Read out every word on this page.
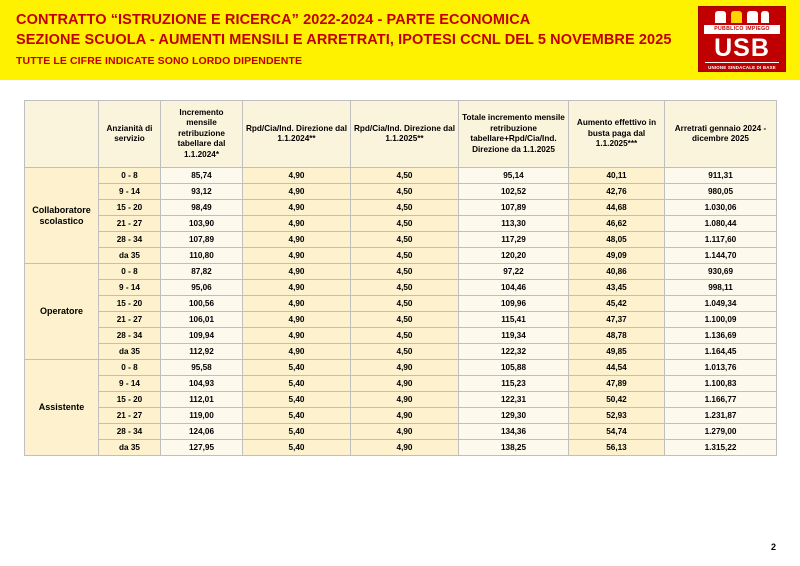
CONTRATTO “ISTRUZIONE E RICERCA” 2022-2024 - PARTE ECONOMICA
SEZIONE SCUOLA - AUMENTI MENSILI E ARRETRATI, IPOTESI CCNL DEL 5 NOVEMBRE 2025
TUTTE LE CIFRE INDICATE SONO LORDO DIPENDENTE
PUBBLICO IMPIEGO
USB
UNIONE SINDACALE DI BASE
	Anzianità di servizio	Incremento mensile retribuzione tabellare dal 1.1.2024*	Rpd/Cia/Ind. Direzione dal 1.1.2024**	Rpd/Cia/Ind. Direzione dal 1.1.2025**	Totale incremento mensile retribuzione tabellare+Rpd/Cia/Ind. Direzione da 1.1.2025	Aumento effettivo in busta paga dal 1.1.2025***	Arretrati gennaio 2024 - dicembre 2025
Collaboratore scolastico	0 - 8	85,74	4,90	4,50	95,14	40,11	911,31
	9 - 14	93,12	4,90	4,50	102,52	42,76	980,05
	15 - 20	98,49	4,90	4,50	107,89	44,68	1.030,06
	21 - 27	103,90	4,90	4,50	113,30	46,62	1.080,44
	28 - 34	107,89	4,90	4,50	117,29	48,05	1.117,60
	da 35	110,80	4,90	4,50	120,20	49,09	1.144,70
Operatore	0 - 8	87,82	4,90	4,50	97,22	40,86	930,69
	9 - 14	95,06	4,90	4,50	104,46	43,45	998,11
	15 - 20	100,56	4,90	4,50	109,96	45,42	1.049,34
	21 - 27	106,01	4,90	4,50	115,41	47,37	1.100,09
	28 - 34	109,94	4,90	4,50	119,34	48,78	1.136,69
	da 35	112,92	4,90	4,50	122,32	49,85	1.164,45
Assistente	0 - 8	95,58	5,40	4,90	105,88	44,54	1.013,76
	9 - 14	104,93	5,40	4,90	115,23	47,89	1.100,83
	15 - 20	112,01	5,40	4,90	122,31	50,42	1.166,77
	21 - 27	119,00	5,40	4,90	129,30	52,93	1.231,87
	28 - 34	124,06	5,40	4,90	134,36	54,74	1.279,00
	da 35	127,95	5,40	4,90	138,25	56,13	1.315,22
2
